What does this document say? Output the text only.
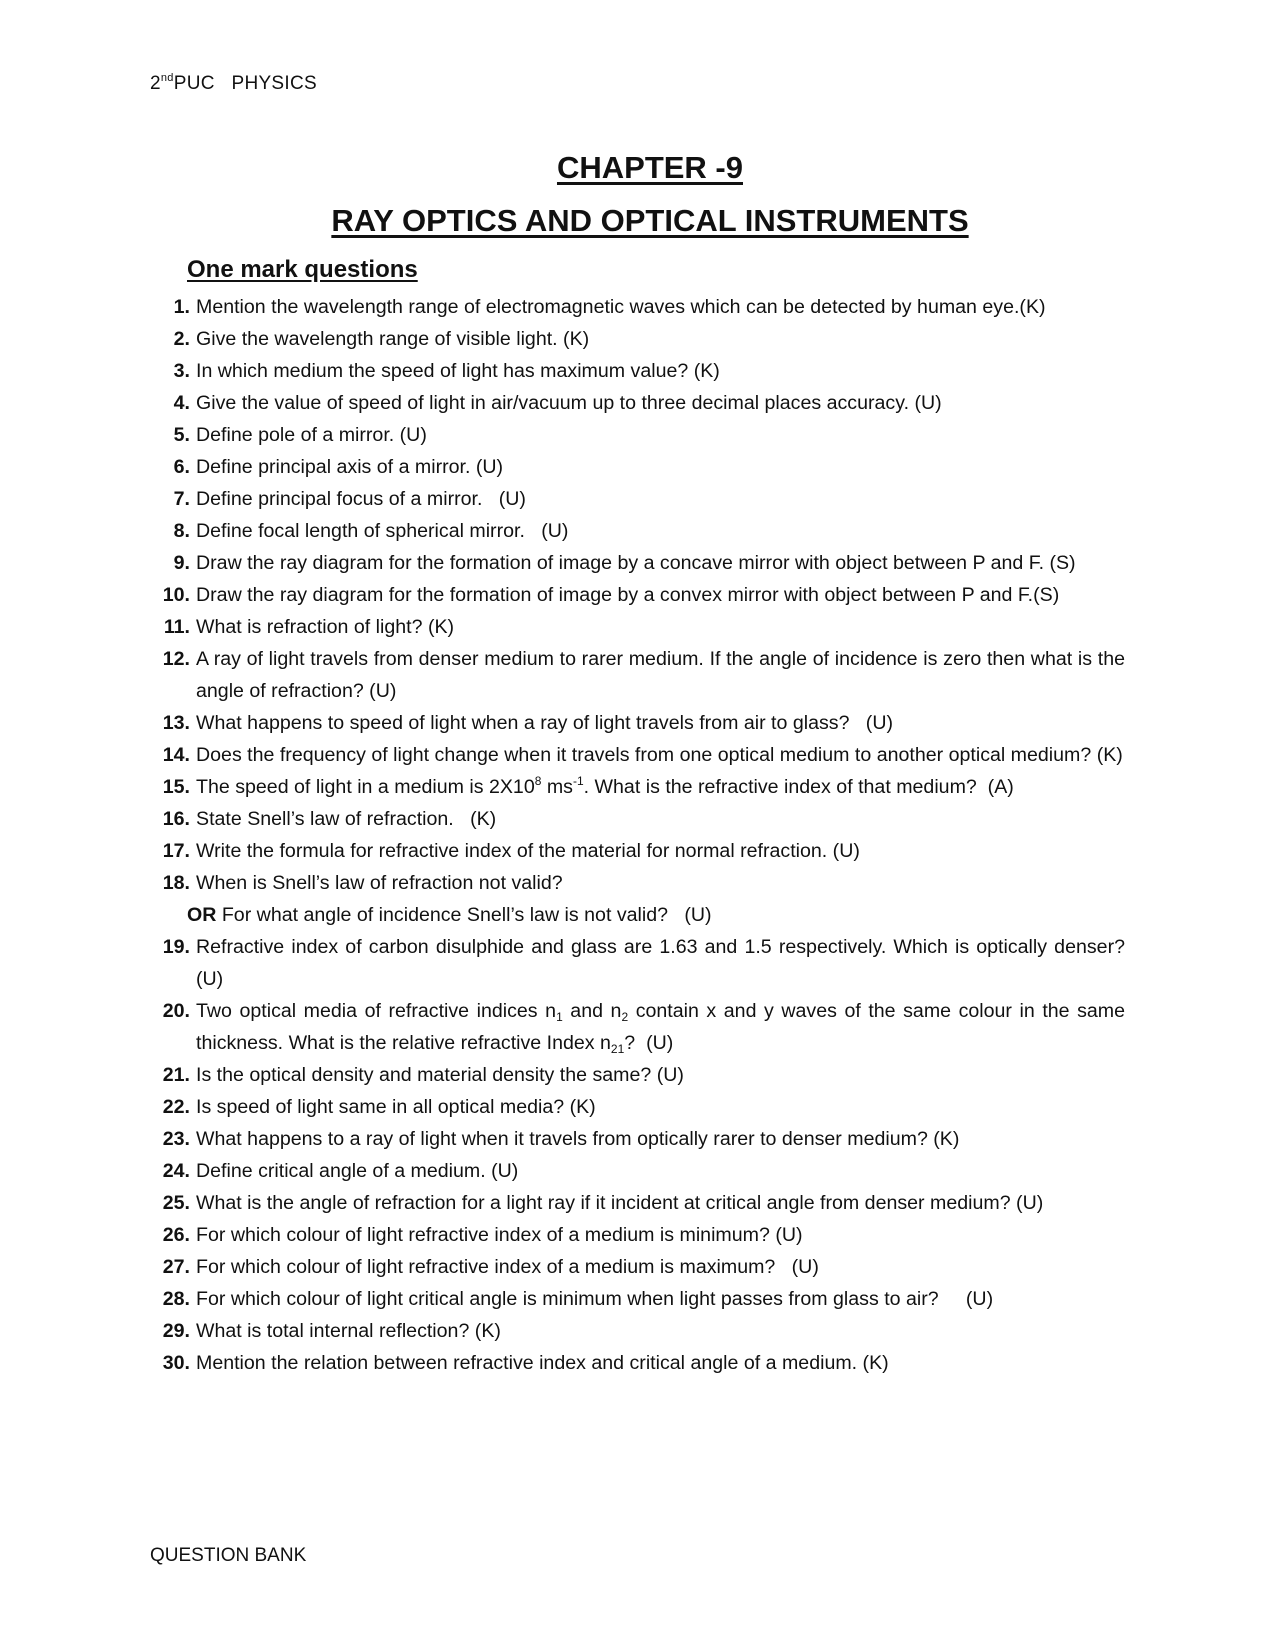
2ndPUC   PHYSICS
CHAPTER -9
RAY OPTICS AND OPTICAL INSTRUMENTS
One mark questions
1. Mention the wavelength range of electromagnetic waves which can be detected by human eye.(K)
2. Give the wavelength range of visible light. (K)
3. In which medium the speed of light has maximum value? (K)
4. Give the value of speed of light in air/vacuum up to three decimal places accuracy. (U)
5. Define pole of a mirror. (U)
6. Define principal axis of a mirror. (U)
7. Define principal focus of a mirror.   (U)
8. Define focal length of spherical mirror.   (U)
9. Draw the ray diagram for the formation of image by a concave mirror with object between P and F. (S)
10. Draw the ray diagram for the formation of image by a convex mirror with object between P and F.(S)
11. What is refraction of light? (K)
12. A ray of light travels from denser medium to rarer medium. If the angle of incidence is zero then what is the angle of refraction? (U)
13. What happens to speed of light when a ray of light travels from air to glass?   (U)
14. Does the frequency of light change when it travels from one optical medium to another optical medium? (K)
15. The speed of light in a medium is $2X10^8$ $ms^{-1}$. What is the refractive index of that medium?  (A)
16. State Snell’s law of refraction.   (K)
17. Write the formula for refractive index of the material for normal refraction. (U)
18. When is Snell’s law of refraction not valid?
OR For what angle of incidence Snell’s law is not valid?   (U)
19. Refractive index of carbon disulphide and glass are 1.63 and 1.5 respectively. Which is optically denser? (U)
20. Two optical media of refractive indices $n_1$ and $n_2$ contain x and y waves of the same colour in the same thickness. What is the relative refractive Index $n_{21}$?  (U)
21. Is the optical density and material density the same? (U)
22. Is speed of light same in all optical media? (K)
23. What happens to a ray of light when it travels from optically rarer to denser medium? (K)
24. Define critical angle of a medium. (U)
25. What is the angle of refraction for a light ray if it incident at critical angle from denser medium? (U)
26. For which colour of light refractive index of a medium is minimum? (U)
27. For which colour of light refractive index of a medium is maximum?   (U)
28. For which colour of light critical angle is minimum when light passes from glass to air?     (U)
29. What is total internal reflection? (K)
30. Mention the relation between refractive index and critical angle of a medium. (K)
QUESTION BANK
